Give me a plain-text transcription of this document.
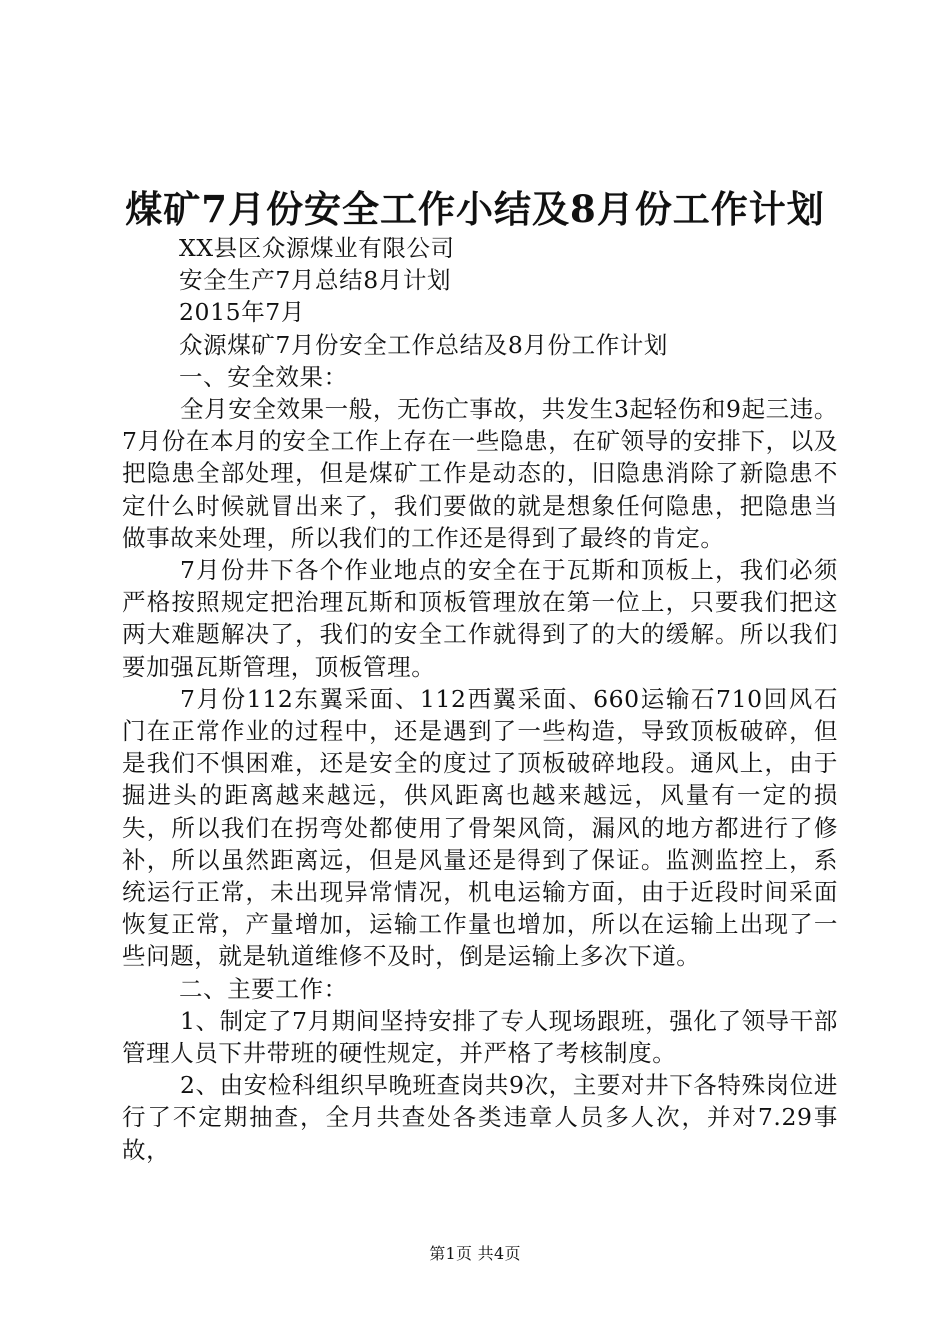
煤矿7月份安全工作小结及8月份工作计划
XX县区众源煤业有限公司
安全生产7月总结8月计划
2015年7月
众源煤矿7月份安全工作总结及8月份工作计划
一、安全效果：

全月安全效果一般，无伤亡事故，共发生3起轻伤和9起三违。7月份在本月的安全工作上存在一些隐患，在矿领导的安排下，以及把隐患全部处理，但是煤矿工作是动态的，旧隐患消除了新隐患不定什么时候就冒出来了，我们要做的就是想象任何隐患，把隐患当做事故来处理，所以我们的工作还是得到了最终的肯定。

7月份井下各个作业地点的安全在于瓦斯和顶板上，我们必须严格按照规定把治理瓦斯和顶板管理放在第一位上，只要我们把这两大难题解决了，我们的安全工作就得到了的大的缓解。所以我们要加强瓦斯管理，顶板管理。

7月份112东翼采面、112西翼采面、660运输石710回风石门在正常作业的过程中，还是遇到了一些构造，导致顶板破碎，但是我们不惧困难，还是安全的度过了顶板破碎地段。通风上，由于掘进头的距离越来越远，供风距离也越来越远，风量有一定的损失，所以我们在拐弯处都使用了骨架风筒，漏风的地方都进行了修补，所以虽然距离远，但是风量还是得到了保证。监测监控上，系统运行正常，未出现异常情况，机电运输方面，由于近段时间采面恢复正常，产量增加，运输工作量也增加，所以在运输上出现了一些问题，就是轨道维修不及时，倒是运输上多次下道。

二、主要工作：

1、制定了7月期间坚持安排了专人现场跟班，强化了领导干部管理人员下井带班的硬性规定，并严格了考核制度。

2、由安检科组织早晚班查岗共9次，主要对井下各特殊岗位进行了不定期抽查，全月共查处各类违章人员多人次，并对7.29事故，

第1页 共4页
